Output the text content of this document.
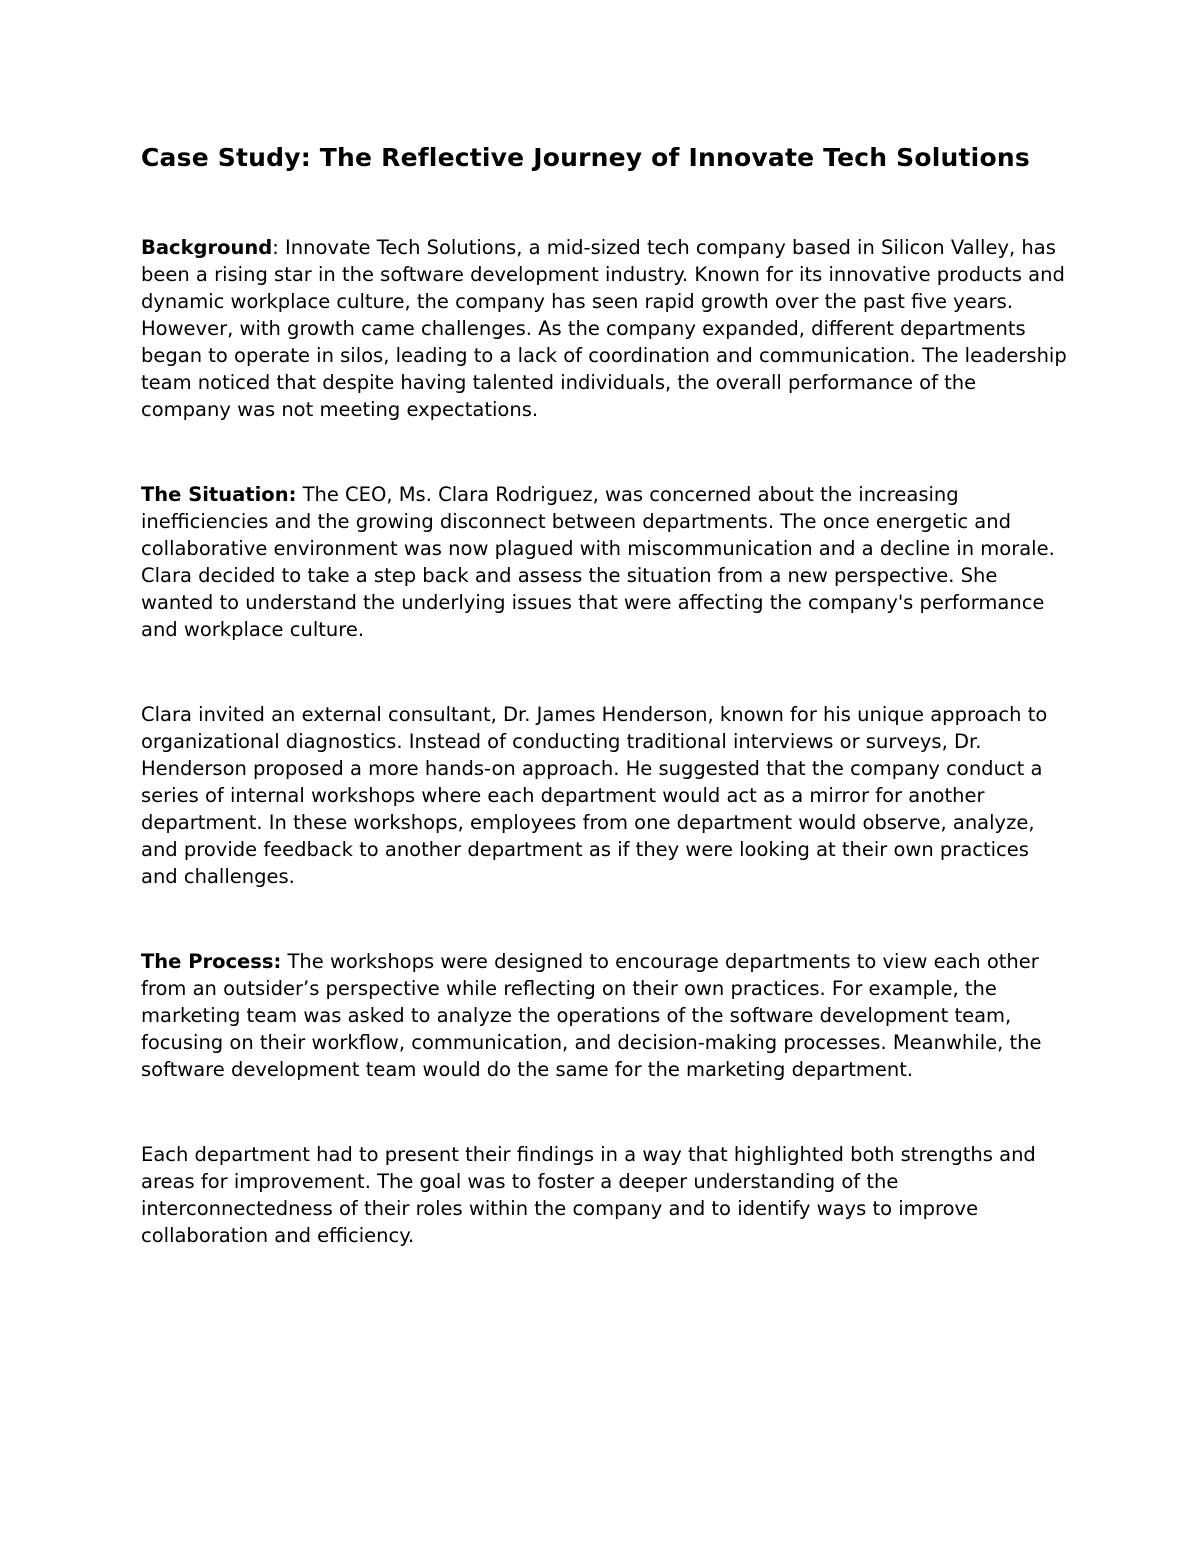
Case Study: The Reflective Journey of Innovate Tech Solutions

Background: Innovate Tech Solutions, a mid-sized tech company based in Silicon Valley, has been a rising star in the software development industry. Known for its innovative products and dynamic workplace culture, the company has seen rapid growth over the past five years. However, with growth came challenges. As the company expanded, different departments began to operate in silos, leading to a lack of coordination and communication. The leadership team noticed that despite having talented individuals, the overall performance of the company was not meeting expectations.

The Situation: The CEO, Ms. Clara Rodriguez, was concerned about the increasing inefficiencies and the growing disconnect between departments. The once energetic and collaborative environment was now plagued with miscommunication and a decline in morale. Clara decided to take a step back and assess the situation from a new perspective. She wanted to understand the underlying issues that were affecting the company's performance and workplace culture.

Clara invited an external consultant, Dr. James Henderson, known for his unique approach to organizational diagnostics. Instead of conducting traditional interviews or surveys, Dr. Henderson proposed a more hands-on approach. He suggested that the company conduct a series of internal workshops where each department would act as a mirror for another department. In these workshops, employees from one department would observe, analyze, and provide feedback to another department as if they were looking at their own practices and challenges.

The Process: The workshops were designed to encourage departments to view each other from an outsider’s perspective while reflecting on their own practices. For example, the marketing team was asked to analyze the operations of the software development team, focusing on their workflow, communication, and decision-making processes. Meanwhile, the software development team would do the same for the marketing department.

Each department had to present their findings in a way that highlighted both strengths and areas for improvement. The goal was to foster a deeper understanding of the interconnectedness of their roles within the company and to identify ways to improve collaboration and efficiency.
